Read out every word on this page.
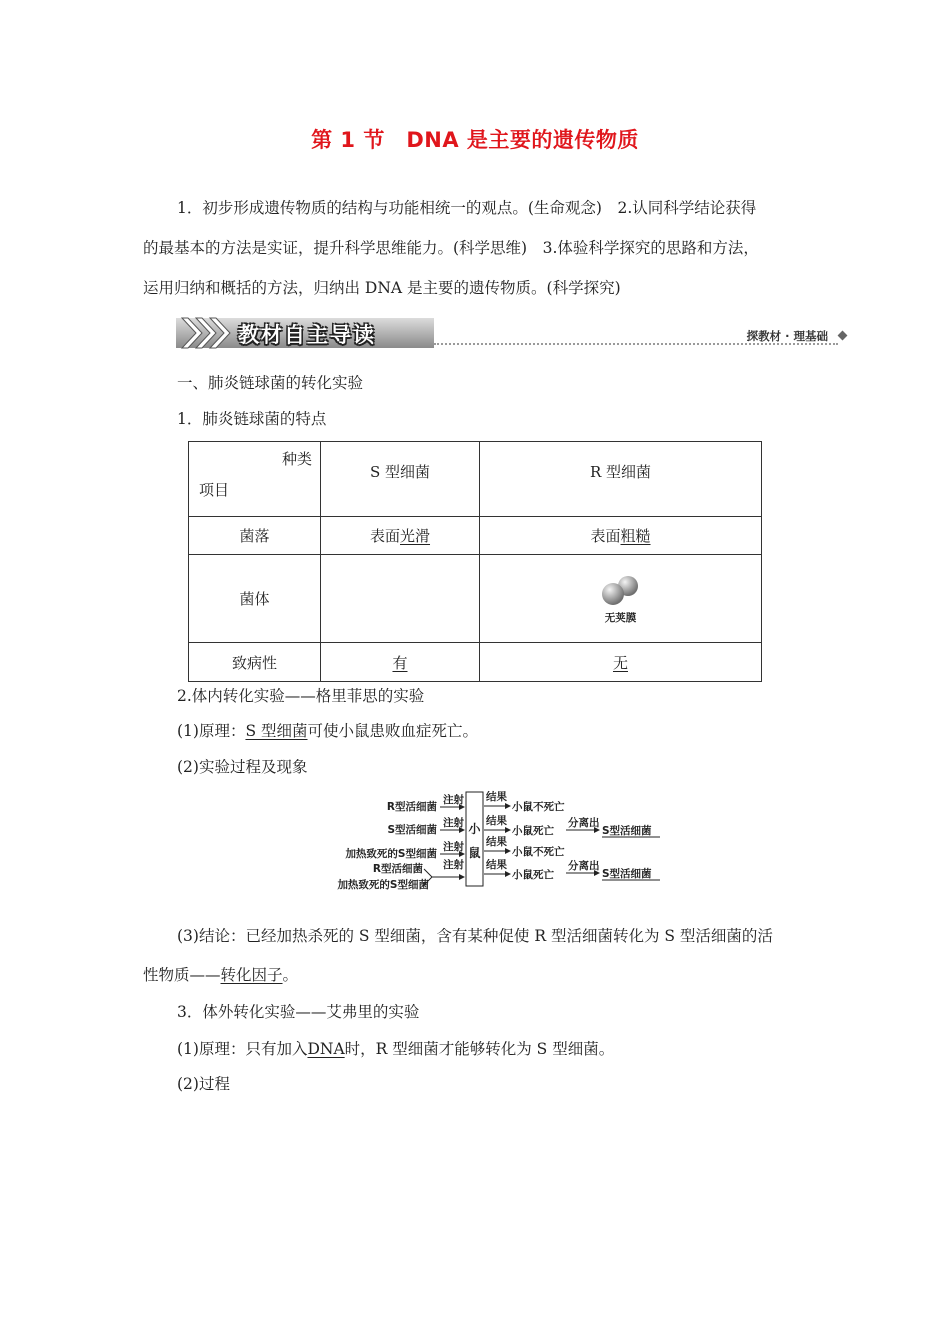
第 1 节　DNA 是主要的遗传物质
1．初步形成遗传物质的结构与功能相统一的观点。(生命观念)　2.认同科学结论获得
的最基本的方法是实证，提升科学思维能力。(科学思维)　3.体验科学探究的思路和方法，
运用归纳和概括的方法，归纳出 DNA 是主要的遗传物质。(科学探究)
教材自主导读	探教材 · 理基础
一、肺炎链球菌的转化实验
1．肺炎链球菌的特点
种类
项目	S 型细菌	R 型细菌
菌落	表面光滑	表面粗糙
菌体		无荚膜

致病性	有	无
2.体内转化实验——格里菲思的实验
(1)原理：S 型细菌可使小鼠患败血症死亡。
(2)实验过程及现象
R型活细菌
S型活细菌
加热致死的S型细菌
R型活细菌
加热致死的S型细菌
注射
注射
注射
注射
小
鼠
结果
结果
结果
结果
小鼠不死亡
小鼠死亡
小鼠不死亡
小鼠死亡
分离出
分离出
S型活细菌
S型活细菌
(3)结论：已经加热杀死的 S 型细菌，含有某种促使 R 型活细菌转化为 S 型活细菌的活
性物质——转化因子。
3．体外转化实验——艾弗里的实验
(1)原理：只有加入DNA时，R 型细菌才能够转化为 S 型细菌。
(2)过程
